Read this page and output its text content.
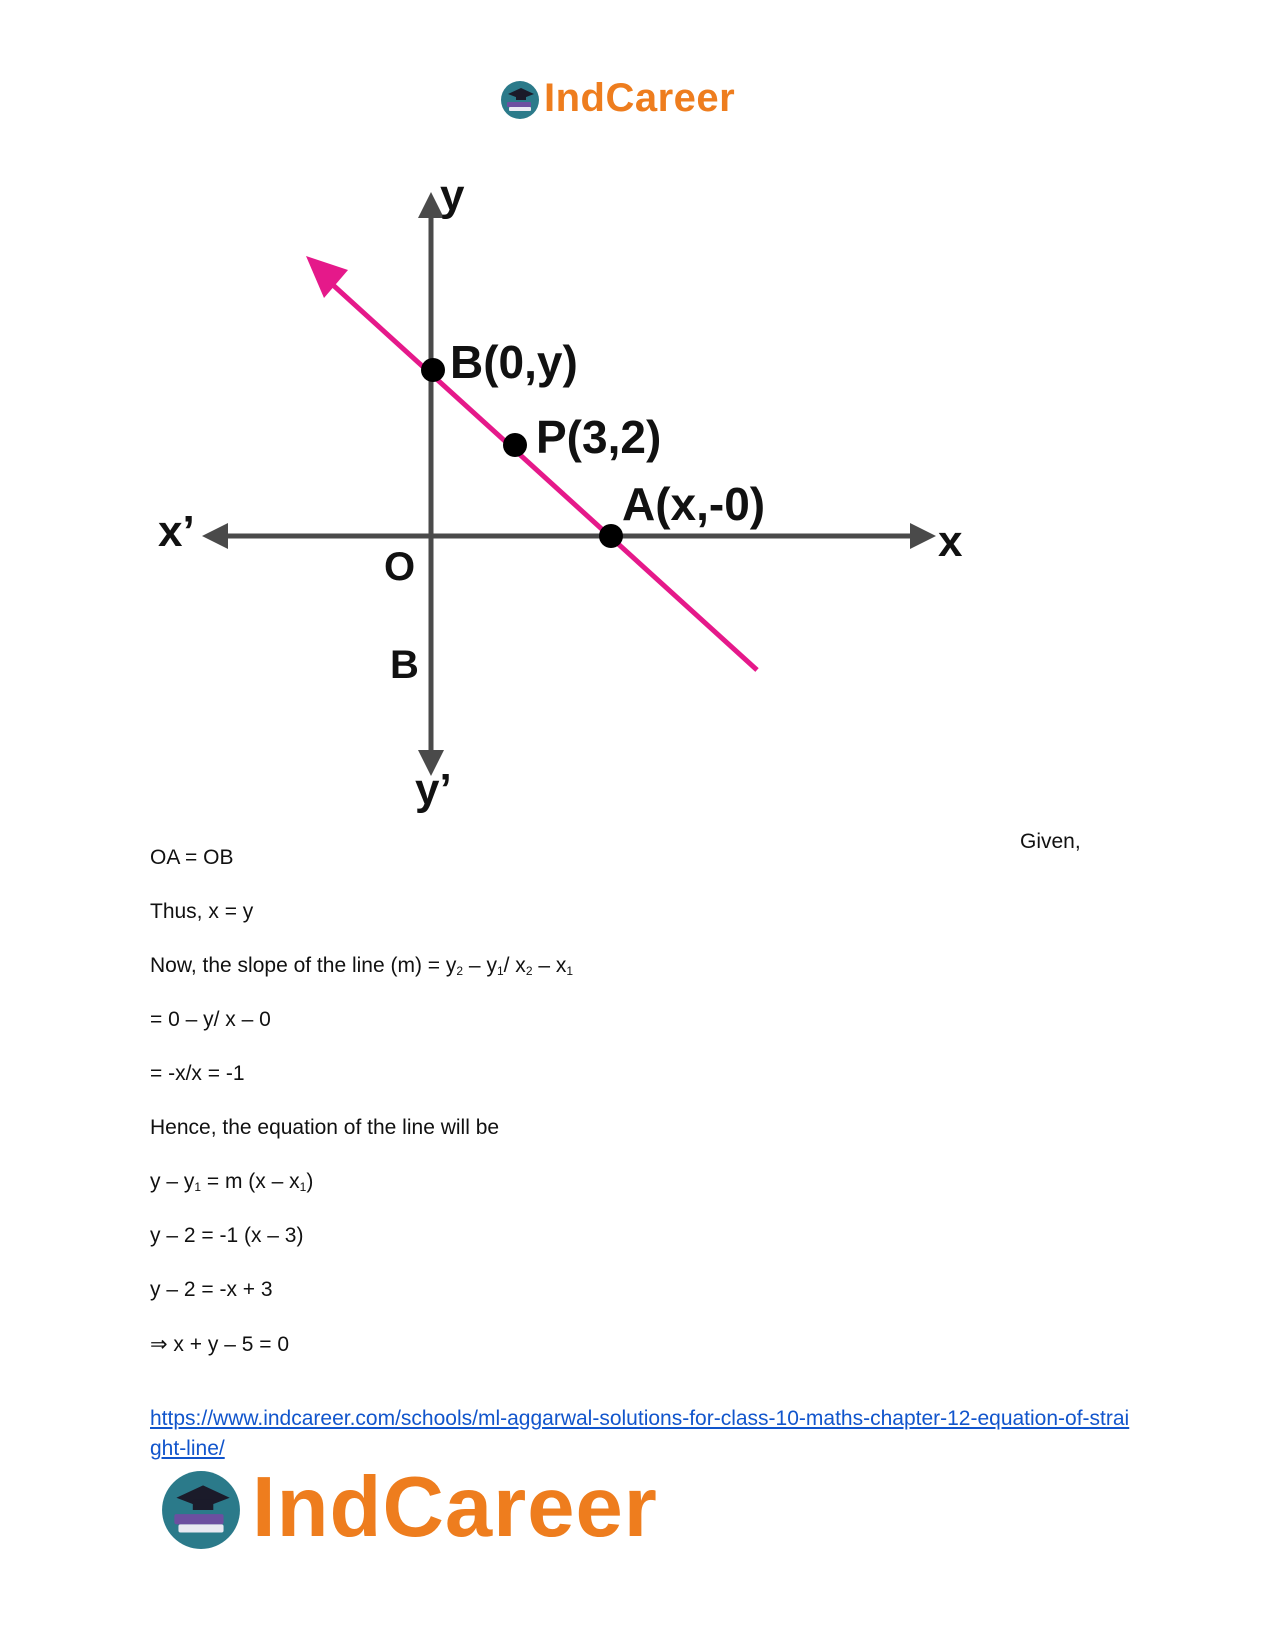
IndCareer
y
B(0,y)
P(3,2)
A(x,-0)
x’	x
O
B
y’
Given,
OA = OB
Thus, x = y
Now, the slope of the line $(m) = y_2 - y_1/$ $x_2 - x_1$
= 0 – y/ x – 0
= -x/x = -1
Hence, the equation of the line will be
$y - y_1 = m$ $(x - x_1)$
y – 2 = -1 (x – 3)
y – 2 = -x + 3
⇒ x + y – 5 = 0
https://www.indcareer.com/schools/ml-aggarwal-solutions-for-class-10-maths-chapter-12-equation-of-straight-line/
IndCareer
